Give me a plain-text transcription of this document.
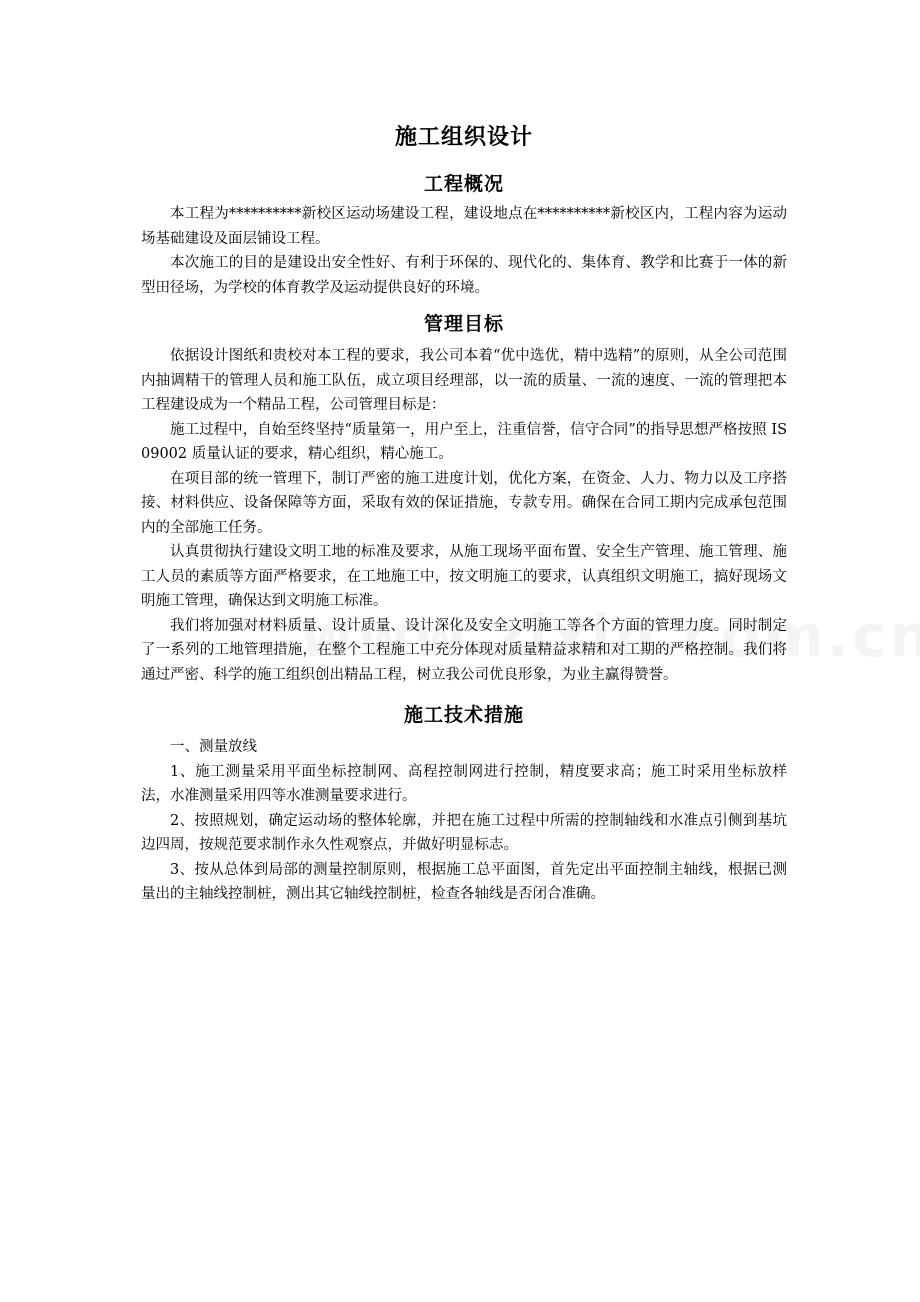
施工组织设计
工程概况

本工程为**********新校区运动场建设工程，建设地点在**********新校区内，工程内容为运动场基础建设及面层铺设工程。

本次施工的目的是建设出安全性好、有利于环保的、现代化的、集体育、教学和比赛于一体的新型田径场，为学校的体育教学及运动提供良好的环境。

管理目标

依据设计图纸和贵校对本工程的要求，我公司本着“优中选优，精中选精”的原则，从全公司范围内抽调精干的管理人员和施工队伍，成立项目经理部，以一流的质量、一流的速度、一流的管理把本工程建设成为一个精品工程，公司管理目标是：

施工过程中，自始至终坚持“质量第一，用户至上，注重信誉，信守合同”的指导思想严格按照 IS09002 质量认证的要求，精心组织，精心施工。

在项目部的统一管理下，制订严密的施工进度计划，优化方案，在资金、人力、物力以及工序搭接、材料供应、设备保障等方面，采取有效的保证措施，专款专用。确保在合同工期内完成承包范围内的全部施工任务。

认真贯彻执行建设文明工地的标准及要求，从施工现场平面布置、安全生产管理、施工管理、施工人员的素质等方面严格要求，在工地施工中，按文明施工的要求，认真组织文明施工，搞好现场文明施工管理，确保达到文明施工标准。

我们将加强对材料质量、设计质量、设计深化及安全文明施工等各个方面的管理力度。同时制定了一系列的工地管理措施，在整个工程施工中充分体现对质量精益求精和对工期的严格控制。我们将通过严密、科学的施工组织创出精品工程，树立我公司优良形象，为业主赢得赞誉。

施工技术措施

一、测量放线

1、施工测量采用平面坐标控制网、高程控制网进行控制，精度要求高；施工时采用坐标放样法，水准测量采用四等水准测量要求进行。

2、按照规划，确定运动场的整体轮廓，并把在施工过程中所需的控制轴线和水准点引侧到基坑边四周，按规范要求制作永久性观察点，并做好明显标志。

3、按从总体到局部的测量控制原则，根据施工总平面图，首先定出平面控制主轴线，根据已测量出的主轴线控制桩，测出其它轴线控制桩，检查各轴线是否闭合准确。
